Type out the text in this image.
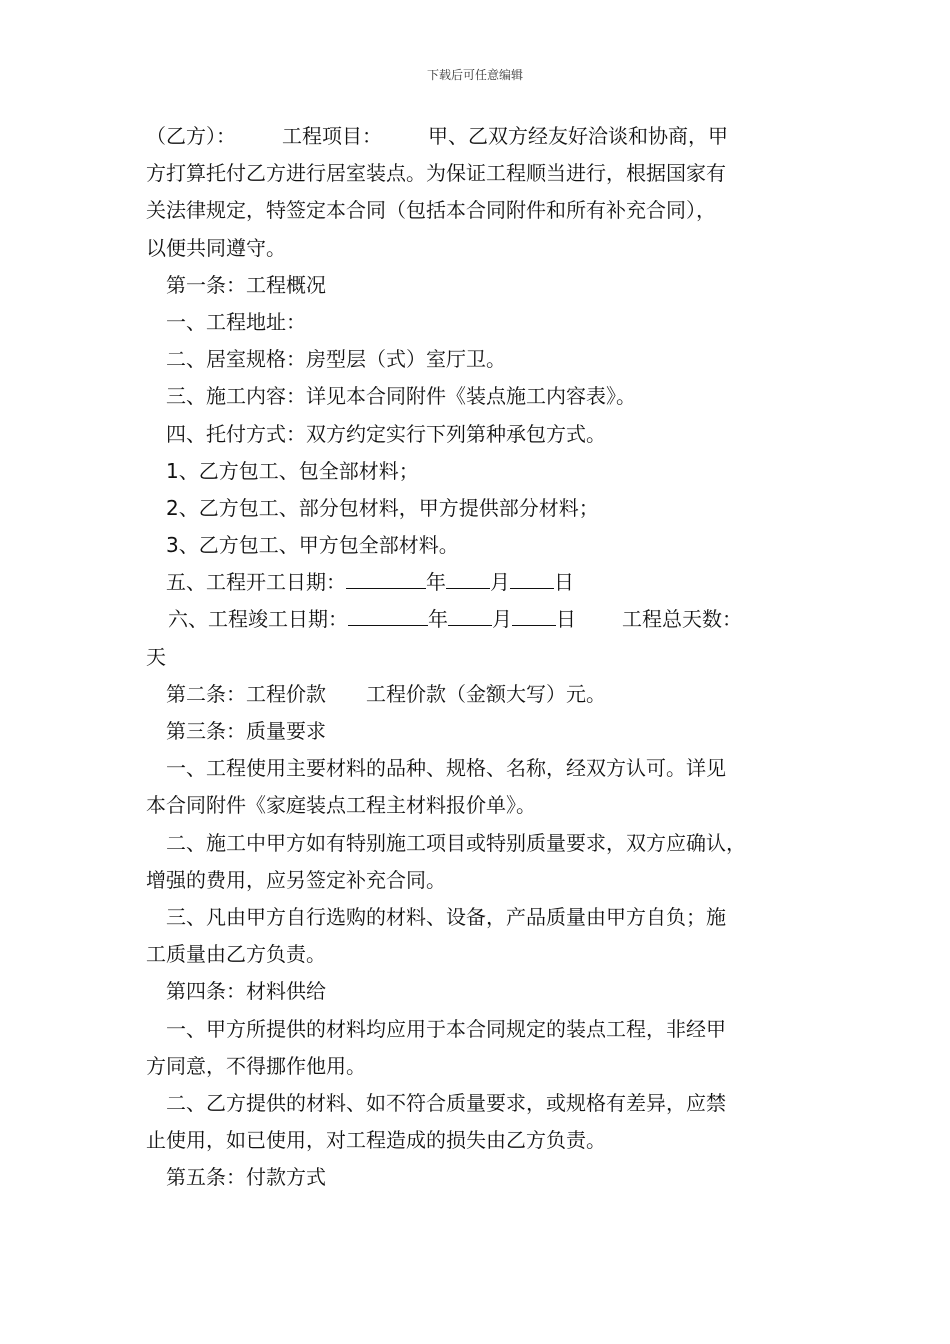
下载后可任意编辑
（乙方）： 工程项目： 甲、乙双方经友好洽谈和协商，甲
方打算托付乙方进行居室装点。为保证工程顺当进行，根据国家有
关法律规定，特签定本合同（包括本合同附件和所有补充合同），
以便共同遵守。
第一条：工程概况
一、工程地址：
二、居室规格：房型层（式）室厅卫。
三、施工内容：详见本合同附件《装点施工内容表》。
四、托付方式：双方约定实行下列第种承包方式。
1、乙方包工、包全部材料；
2、乙方包工、部分包材料，甲方提供部分材料；
3、乙方包工、甲方包全部材料。
五、工程开工日期：	年 月 日
六、工程竣工日期：	年 月 日 工程总天数：
天
第二条：工程价款 工程价款（金额大写）元。
第三条：质量要求
一、工程使用主要材料的品种、规格、名称，经双方认可。详见
本合同附件《家庭装点工程主材料报价单》。
二、施工中甲方如有特别施工项目或特别质量要求，双方应确认，
增强的费用，应另签定补充合同。
三、凡由甲方自行选购的材料、设备，产品质量由甲方自负；施
工质量由乙方负责。
第四条：材料供给
一、甲方所提供的材料均应用于本合同规定的装点工程，非经甲
方同意，不得挪作他用。
二、乙方提供的材料、如不符合质量要求，或规格有差异，应禁
止使用，如已使用，对工程造成的损失由乙方负责。
第五条：付款方式
